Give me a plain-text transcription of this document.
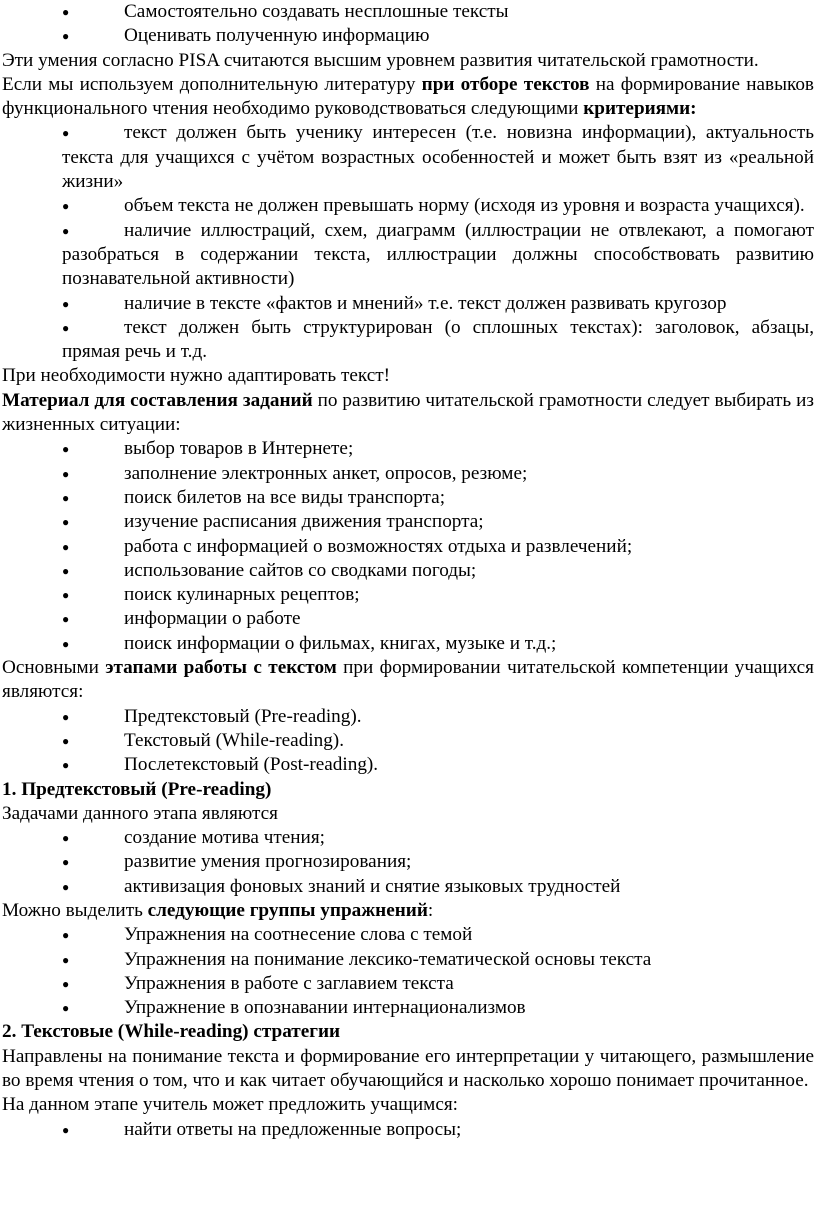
●	Самостоятельно создавать несплошные тексты
●	Оценивать полученную информацию

Эти умения согласно PISA считаются высшим уровнем развития читательской грамотности.

Если мы используем дополнительную литературу при отборе текстов на формирование навыков функционального чтения необходимо руководствоваться следующими критериями:

●	текст должен быть ученику интересен (т.е. новизна информации), актуальность текста для учащихся с учётом возрастных особенностей и может быть взят из «реальной жизни»
●	объем текста не должен превышать норму (исходя из уровня и возраста учащихся).
●	наличие иллюстраций, схем, диаграмм (иллюстрации не отвлекают, а помогают разобраться в содержании текста, иллюстрации должны способствовать развитию познавательной активности)
●	наличие в тексте «фактов и мнений» т.е. текст должен развивать кругозор
●	текст должен быть структурирован (о сплошных текстах): заголовок, абзацы, прямая речь и т.д.

При необходимости нужно адаптировать текст!

Материал для составления заданий по развитию читательской грамотности следует выбирать из жизненных ситуации:

●	выбор товаров в Интернете;
●	заполнение электронных анкет, опросов, резюме;
●	поиск билетов на все виды транспорта;
●	изучение расписания движения транспорта;
●	работа с информацией о возможностях отдыха и развлечений;
●	использование сайтов со сводками погоды;
●	поиск кулинарных рецептов;
●	информации о работе
●	поиск информации о фильмах, книгах, музыке и т.д.;

Основными этапами работы с текстом при формировании читательской компетенции учащихся являются:

●	Предтекстовый (Pre-reading).
●	Текстовый (While-reading).
●	Послетекстовый (Post-reading).

1. Предтекстовый (Pre-reading)

Задачами данного этапа являются

●	создание мотива чтения;
●	развитие умения прогнозирования;
●	активизация фоновых знаний и снятие языковых трудностей

Можно выделить следующие группы упражнений:

●	Упражнения на соотнесение слова с темой
●	Упражнения на понимание лексико-тематической основы текста
●	Упражнения в работе с заглавием текста
●	Упражнение в опознавании интернационализмов

2. Текстовые (While-reading) стратегии

Направлены на понимание текста и формирование его интерпретации у читающего, размышление во время чтения о том, что и как читает обучающийся и насколько хорошо понимает прочитанное.

На данном этапе учитель может предложить учащимся:

●	найти ответы на предложенные вопросы;
